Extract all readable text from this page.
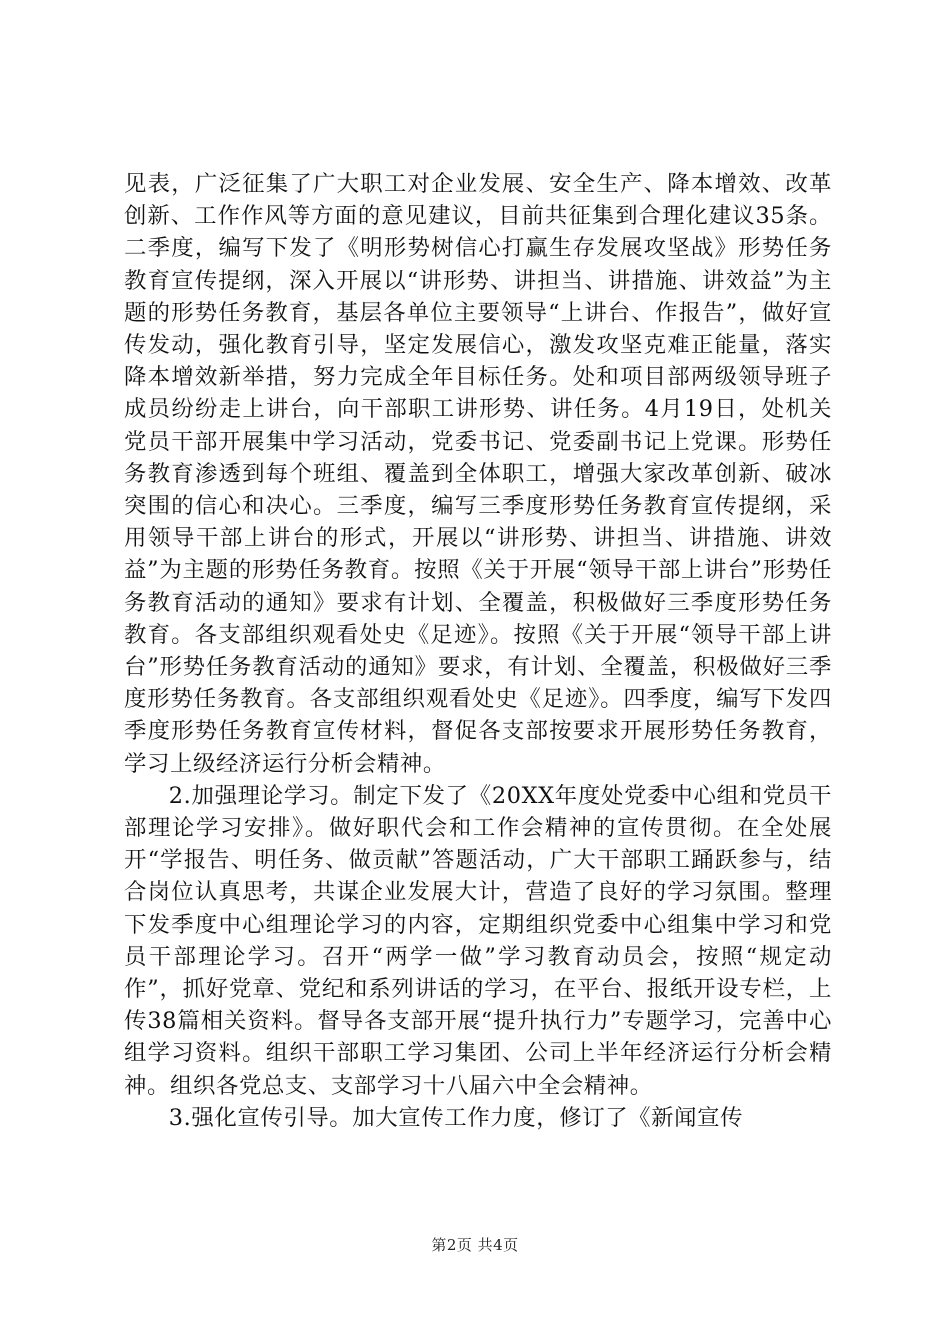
见表，广泛征集了广大职工对企业发展、安全生产、降本增效、改革创新、工作作风等方面的意见建议，目前共征集到合理化建议35条。二季度，编写下发了《明形势树信心打赢生存发展攻坚战》形势任务教育宣传提纲，深入开展以“讲形势、讲担当、讲措施、讲效益”为主题的形势任务教育，基层各单位主要领导“上讲台、作报告”，做好宣传发动，强化教育引导，坚定发展信心，激发攻坚克难正能量，落实降本增效新举措，努力完成全年目标任务。处和项目部两级领导班子成员纷纷走上讲台，向干部职工讲形势、讲任务。4月19日，处机关党员干部开展集中学习活动，党委书记、党委副书记上党课。形势任务教育渗透到每个班组、覆盖到全体职工，增强大家改革创新、破冰突围的信心和决心。三季度，编写三季度形势任务教育宣传提纲，采用领导干部上讲台的形式，开展以“讲形势、讲担当、讲措施、讲效益”为主题的形势任务教育。按照《关于开展“领导干部上讲台”形势任务教育活动的通知》要求有计划、全覆盖，积极做好三季度形势任务教育。各支部组织观看处史《足迹》。按照《关于开展“领导干部上讲台”形势任务教育活动的通知》要求，有计划、全覆盖，积极做好三季度形势任务教育。各支部组织观看处史《足迹》。四季度，编写下发四季度形势任务教育宣传材料，督促各支部按要求开展形势任务教育，学习上级经济运行分析会精神。

2.加强理论学习。制定下发了《20XX年度处党委中心组和党员干部理论学习安排》。做好职代会和工作会精神的宣传贯彻。在全处展开“学报告、明任务、做贡献”答题活动，广大干部职工踊跃参与，结合岗位认真思考，共谋企业发展大计，营造了良好的学习氛围。整理下发季度中心组理论学习的内容，定期组织党委中心组集中学习和党员干部理论学习。召开“两学一做”学习教育动员会，按照“规定动作”，抓好党章、党纪和系列讲话的学习，在平台、报纸开设专栏，上传38篇相关资料。督导各支部开展“提升执行力”专题学习，完善中心组学习资料。组织干部职工学习集团、公司上半年经济运行分析会精神。组织各党总支、支部学习十八届六中全会精神。

3.强化宣传引导。加大宣传工作力度，修订了《新闻宣传

第2页 共4页
